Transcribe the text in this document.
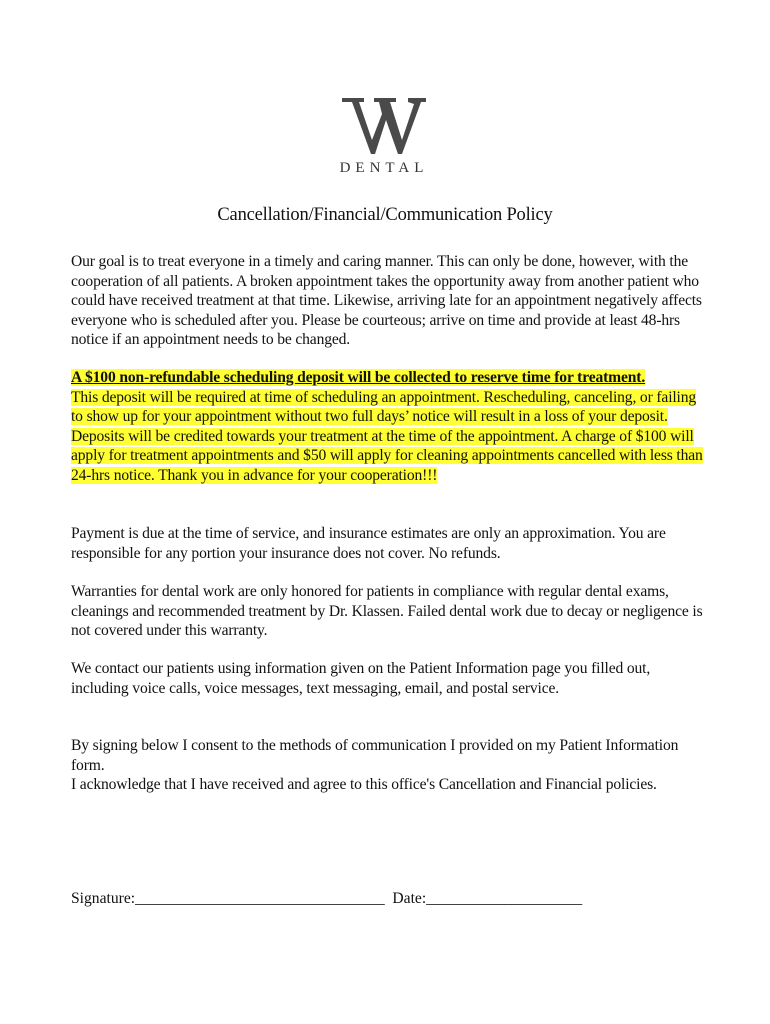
DENTAL
Cancellation/Financial/Communication Policy

Our goal is to treat everyone in a timely and caring manner. This can only be done, however, with the cooperation of all patients. A broken appointment takes the opportunity away from another patient who could have received treatment at that time. Likewise, arriving late for an appointment negatively affects everyone who is scheduled after you. Please be courteous; arrive on time and provide at least 48-hrs notice if an appointment needs to be changed.

A $100 non-refundable scheduling deposit will be collected to reserve time for treatment.
This deposit will be required at time of scheduling an appointment. Rescheduling, canceling, or failing to show up for your appointment without two full days’ notice will result in a loss of your deposit. Deposits will be credited towards your treatment at the time of the appointment. A charge of $100 will apply for treatment appointments and $50 will apply for cleaning appointments cancelled with less than 24-hrs notice. Thank you in advance for your cooperation!!!

Payment is due at the time of service, and insurance estimates are only an approximation. You are responsible for any portion your insurance does not cover. No refunds.

Warranties for dental work are only honored for patients in compliance with regular dental exams, cleanings and recommended treatment by Dr. Klassen. Failed dental work due to decay or negligence is not covered under this warranty.

We contact our patients using information given on the Patient Information page you filled out, including voice calls, voice messages, text messaging, email, and postal service.

By signing below I consent to the methods of communication I provided on my Patient Information form.

I acknowledge that I have received and agree to this office's Cancellation and Financial policies.

Signature:________________________________ Date:____________________
